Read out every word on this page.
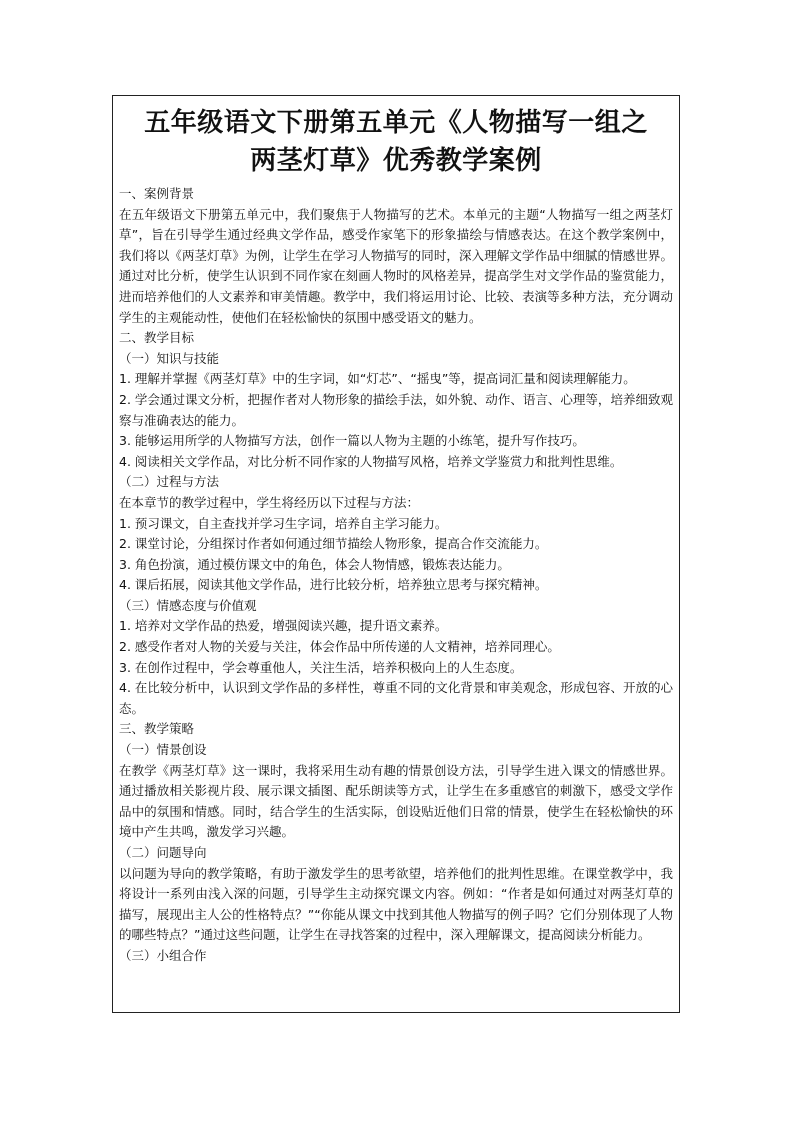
五年级语文下册第五单元《人物描写一组之
两茎灯草》优秀教学案例

一、案例背景

在五年级语文下册第五单元中，我们聚焦于人物描写的艺术。本单元的主题“人物描写一组之两茎灯草”，旨在引导学生通过经典文学作品，感受作家笔下的形象描绘与情感表达。在这个教学案例中，我们将以《两茎灯草》为例，让学生在学习人物描写的同时，深入理解文学作品中细腻的情感世界。通过对比分析，使学生认识到不同作家在刻画人物时的风格差异，提高学生对文学作品的鉴赏能力，进而培养他们的人文素养和审美情趣。教学中，我们将运用讨论、比较、表演等多种方法，充分调动学生的主观能动性，使他们在轻松愉快的氛围中感受语文的魅力。

二、教学目标

（一）知识与技能

1. 理解并掌握《两茎灯草》中的生字词，如“灯芯”、“摇曳”等，提高词汇量和阅读理解能力。

2. 学会通过课文分析，把握作者对人物形象的描绘手法，如外貌、动作、语言、心理等，培养细致观察与准确表达的能力。

3. 能够运用所学的人物描写方法，创作一篇以人物为主题的小练笔，提升写作技巧。

4. 阅读相关文学作品，对比分析不同作家的人物描写风格，培养文学鉴赏力和批判性思维。

（二）过程与方法

在本章节的教学过程中，学生将经历以下过程与方法：

1. 预习课文，自主查找并学习生字词，培养自主学习能力。

2. 课堂讨论，分组探讨作者如何通过细节描绘人物形象，提高合作交流能力。

3. 角色扮演，通过模仿课文中的角色，体会人物情感，锻炼表达能力。

4. 课后拓展，阅读其他文学作品，进行比较分析，培养独立思考与探究精神。

（三）情感态度与价值观

1. 培养对文学作品的热爱，增强阅读兴趣，提升语文素养。

2. 感受作者对人物的关爱与关注，体会作品中所传递的人文精神，培养同理心。

3. 在创作过程中，学会尊重他人，关注生活，培养积极向上的人生态度。

4. 在比较分析中，认识到文学作品的多样性，尊重不同的文化背景和审美观念，形成包容、开放的心态。

三、教学策略

（一）情景创设

在教学《两茎灯草》这一课时，我将采用生动有趣的情景创设方法，引导学生进入课文的情感世界。通过播放相关影视片段、展示课文插图、配乐朗读等方式，让学生在多重感官的刺激下，感受文学作品中的氛围和情感。同时，结合学生的生活实际，创设贴近他们日常的情景，使学生在轻松愉快的环境中产生共鸣，激发学习兴趣。

（二）问题导向

以问题为导向的教学策略，有助于激发学生的思考欲望，培养他们的批判性思维。在课堂教学中，我将设计一系列由浅入深的问题，引导学生主动探究课文内容。例如：“作者是如何通过对两茎灯草的描写，展现出主人公的性格特点？”“你能从课文中找到其他人物描写的例子吗？它们分别体现了人物的哪些特点？”通过这些问题，让学生在寻找答案的过程中，深入理解课文，提高阅读分析能力。

（三）小组合作
